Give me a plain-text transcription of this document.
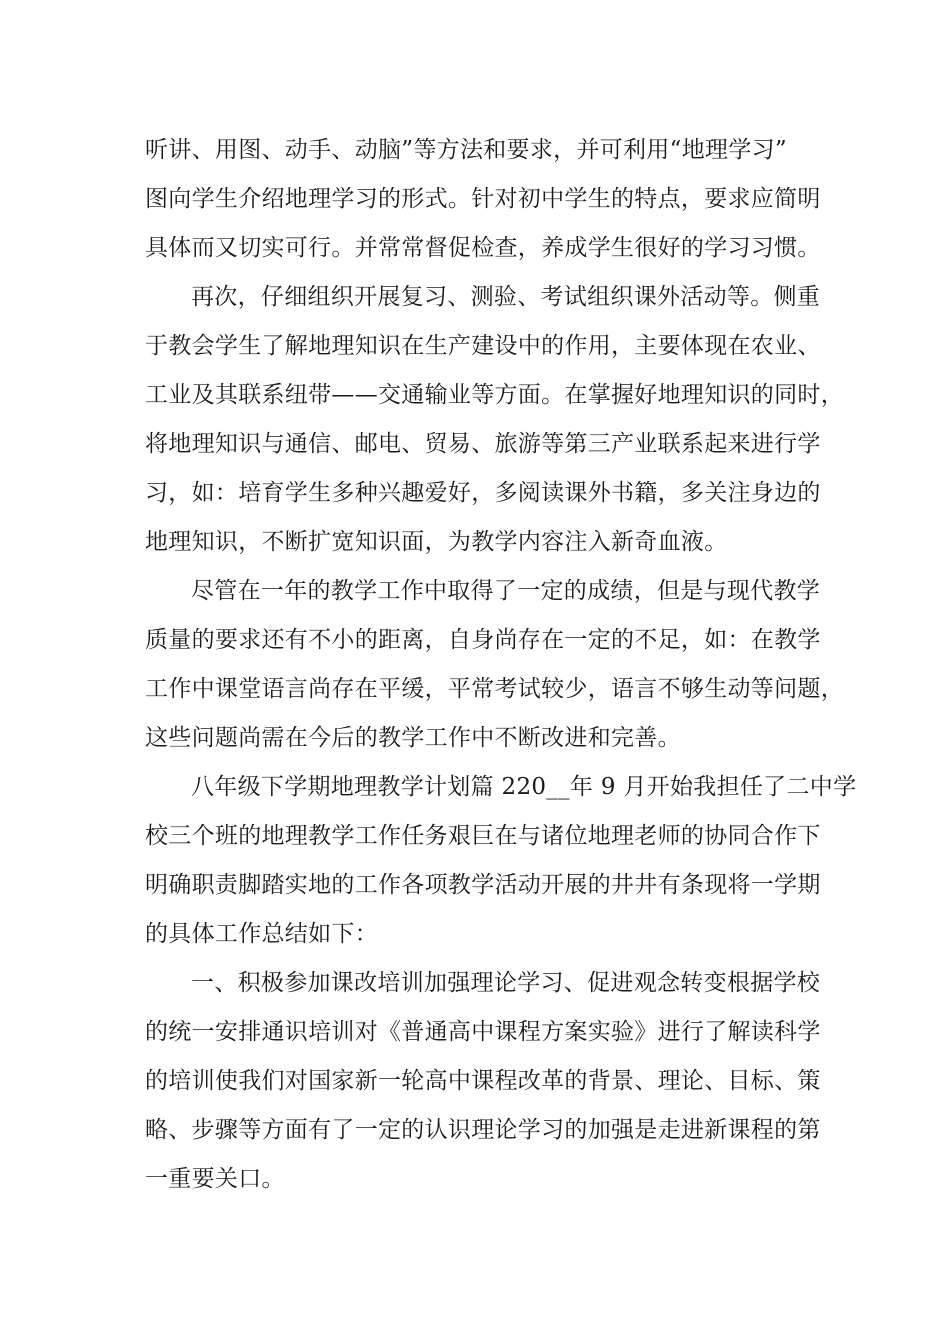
听讲、用图、动手、动脑”等方法和要求，并可利用“地理学习”
图向学生介绍地理学习的形式。针对初中学生的特点，要求应简明
具体而又切实可行。并常常督促检查，养成学生很好的学习习惯。
再次，仔细组织开展复习、测验、考试组织课外活动等。侧重
于教会学生了解地理知识在生产建设中的作用，主要体现在农业、
工业及其联系纽带——交通输业等方面。在掌握好地理知识的同时，
将地理知识与通信、邮电、贸易、旅游等第三产业联系起来进行学
习，如：培育学生多种兴趣爱好，多阅读课外书籍，多关注身边的
地理知识，不断扩宽知识面，为教学内容注入新奇血液。
尽管在一年的教学工作中取得了一定的成绩，但是与现代教学
质量的要求还有不小的距离，自身尚存在一定的不足，如：在教学
工作中课堂语言尚存在平缓，平常考试较少，语言不够生动等问题，
这些问题尚需在今后的教学工作中不断改进和完善。
八年级下学期地理教学计划篇 220__年 9 月开始我担任了二中学
校三个班的地理教学工作任务艰巨在与诸位地理老师的协同合作下
明确职责脚踏实地的工作各项教学活动开展的井井有条现将一学期
的具体工作总结如下：
一、积极参加课改培训加强理论学习、促进观念转变根据学校
的统一安排通识培训对《普通高中课程方案实验》进行了解读科学
的培训使我们对国家新一轮高中课程改革的背景、理论、目标、策
略、步骤等方面有了一定的认识理论学习的加强是走进新课程的第
一重要关口。
